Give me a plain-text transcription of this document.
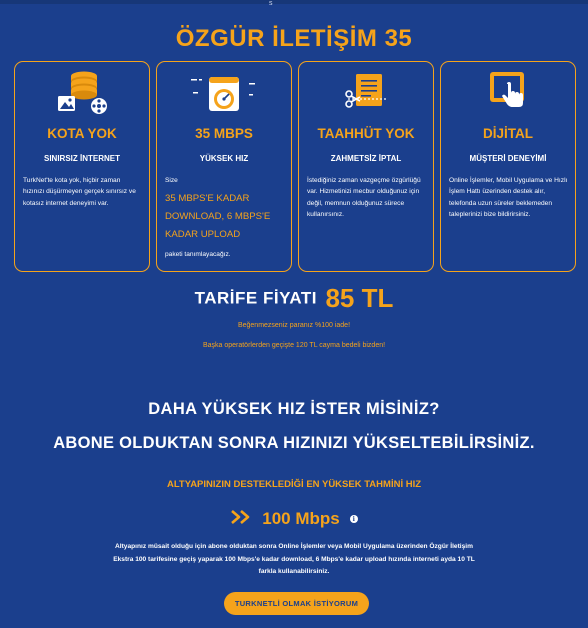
s
ÖZGÜR İLETİŞİM 35
KOTA YOK
SINIRSIZ İNTERNET
TurkNet'te kota yok, hiçbir zaman hızınızı düşürmeyen gerçek sınırsız ve kotasız internet deneyimi var.
35 MBPS
YÜKSEK HIZ
Size
35 MBPS'E KADAR DOWNLOAD, 6 MBPS'E KADAR UPLOAD
paketi tanımlayacağız.
TAAHHÜT YOK
ZAHMETSİZ İPTAL
İstediğiniz zaman vazgeçme özgürlüğü var. Hizmetinizi mecbur olduğunuz için değil, memnun olduğunuz sürece kullanırsınız.
DİJİTAL
MÜŞTERİ DENEYİMİ
Online İşlemler, Mobil Uygulama ve Hızlı İşlem Hattı üzerinden destek alır, telefonda uzun süreler beklemeden taleplerinizi bize bildirirsiniz.
TARİFE FİYATI 85 TL
Beğenmezseniz paranız %100 iade!
Başka operatörlerden geçişte 120 TL cayma bedeli bizden!
DAHA YÜKSEK HIZ İSTER MİSİNİZ?
ABONE OLDUKTAN SONRA HIZINIZI YÜKSELTEBİLİRSİNİZ.
ALTYAPINIZIN DESTEKLEDİĞİ EN YÜKSEK TAHMİNİ HIZ
100 Mbps	i
Altyapınız müsait olduğu için abone olduktan sonra Online İşlemler veya Mobil Uygulama üzerinden Özgür İletişim Ekstra 100 tarifesine geçiş yaparak 100 Mbps'e kadar download, 6 Mbps'e kadar upload hızında interneti ayda 10 TL farkla kullanabilirsiniz.
TURKNETLİ OLMAK İSTİYORUM
